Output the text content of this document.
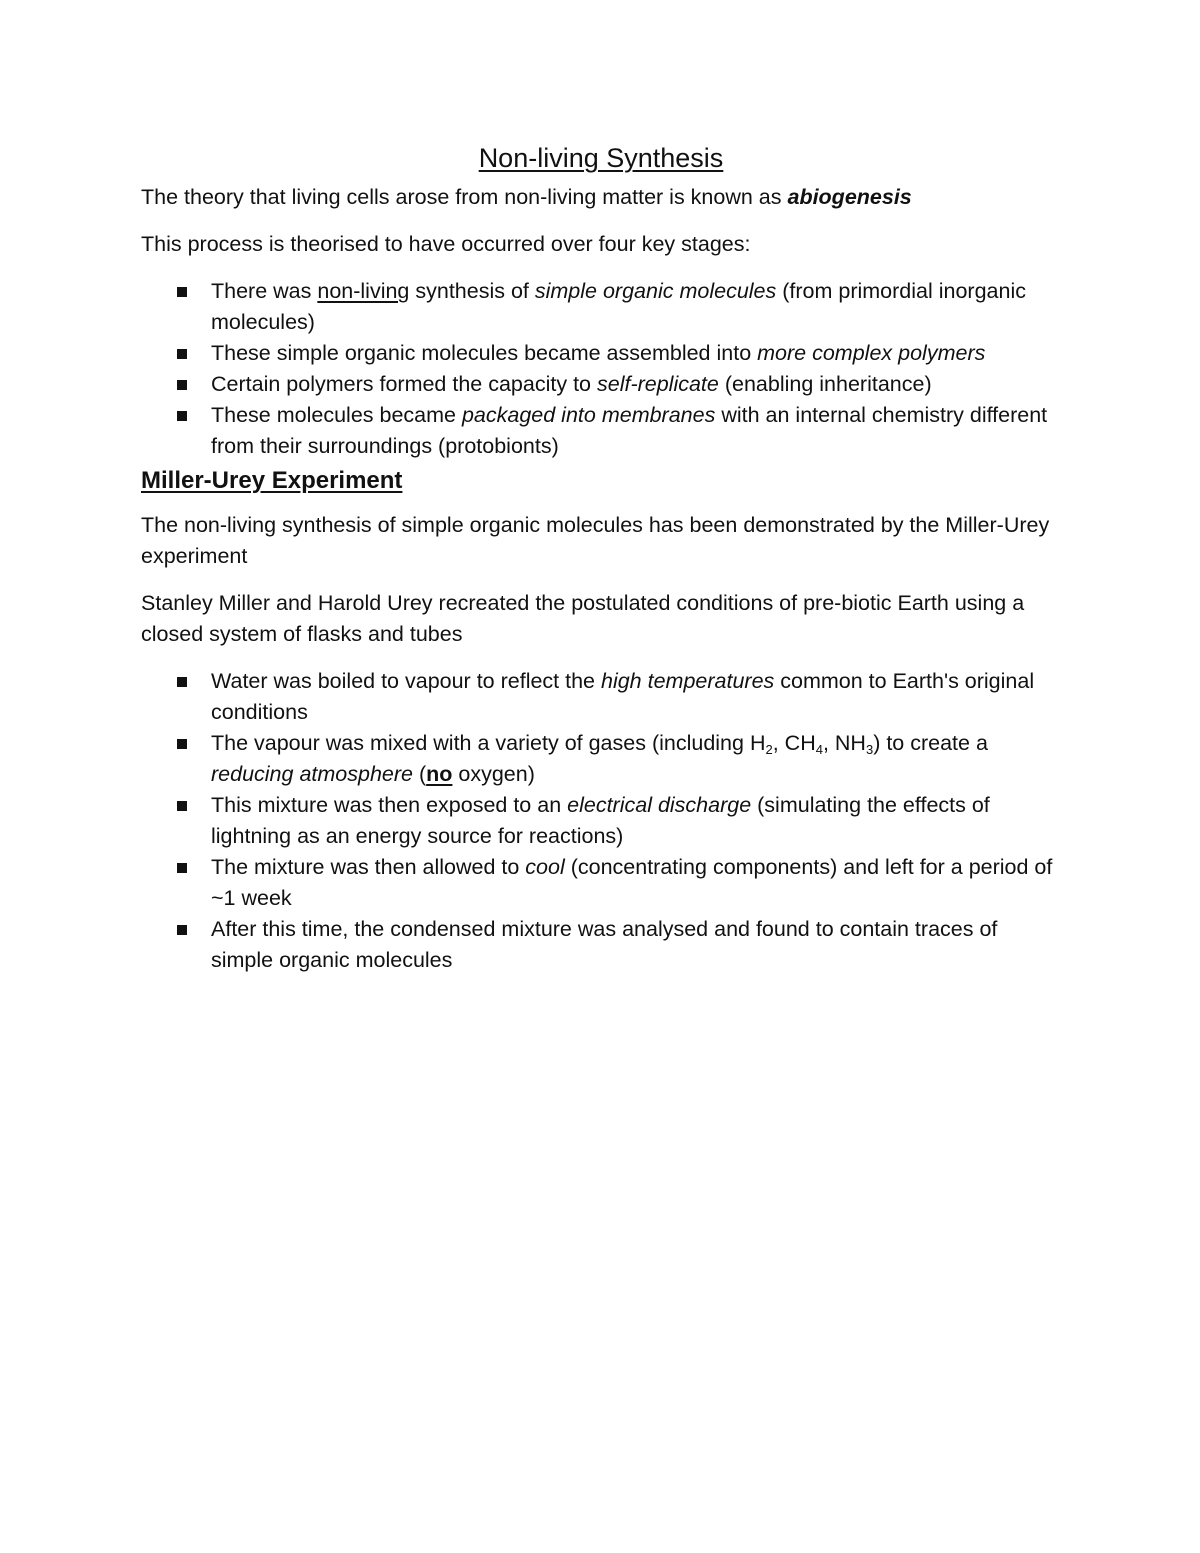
Non-living Synthesis

The theory that living cells arose from non-living matter is known as abiogenesis

This process is theorised to have occurred over four key stages:

There was non-living synthesis of simple organic molecules (from primordial inorganic molecules)
These simple organic molecules became assembled into more complex polymers
Certain polymers formed the capacity to self-replicate (enabling inheritance)
These molecules became packaged into membranes with an internal chemistry different from their surroundings (protobionts)
Miller-Urey Experiment

The non-living synthesis of simple organic molecules has been demonstrated by the Miller-Urey experiment

Stanley Miller and Harold Urey recreated the postulated conditions of pre-biotic Earth using a closed system of flasks and tubes

Water was boiled to vapour to reflect the high temperatures common to Earth's original conditions
The vapour was mixed with a variety of gases (including $H_2$, $CH_4$, $NH_3$) to create a reducing atmosphere (no oxygen)
This mixture was then exposed to an electrical discharge (simulating the effects of lightning as an energy source for reactions)
The mixture was then allowed to cool (concentrating components) and left for a period of ~1 week
After this time, the condensed mixture was analysed and found to contain traces of simple organic molecules
